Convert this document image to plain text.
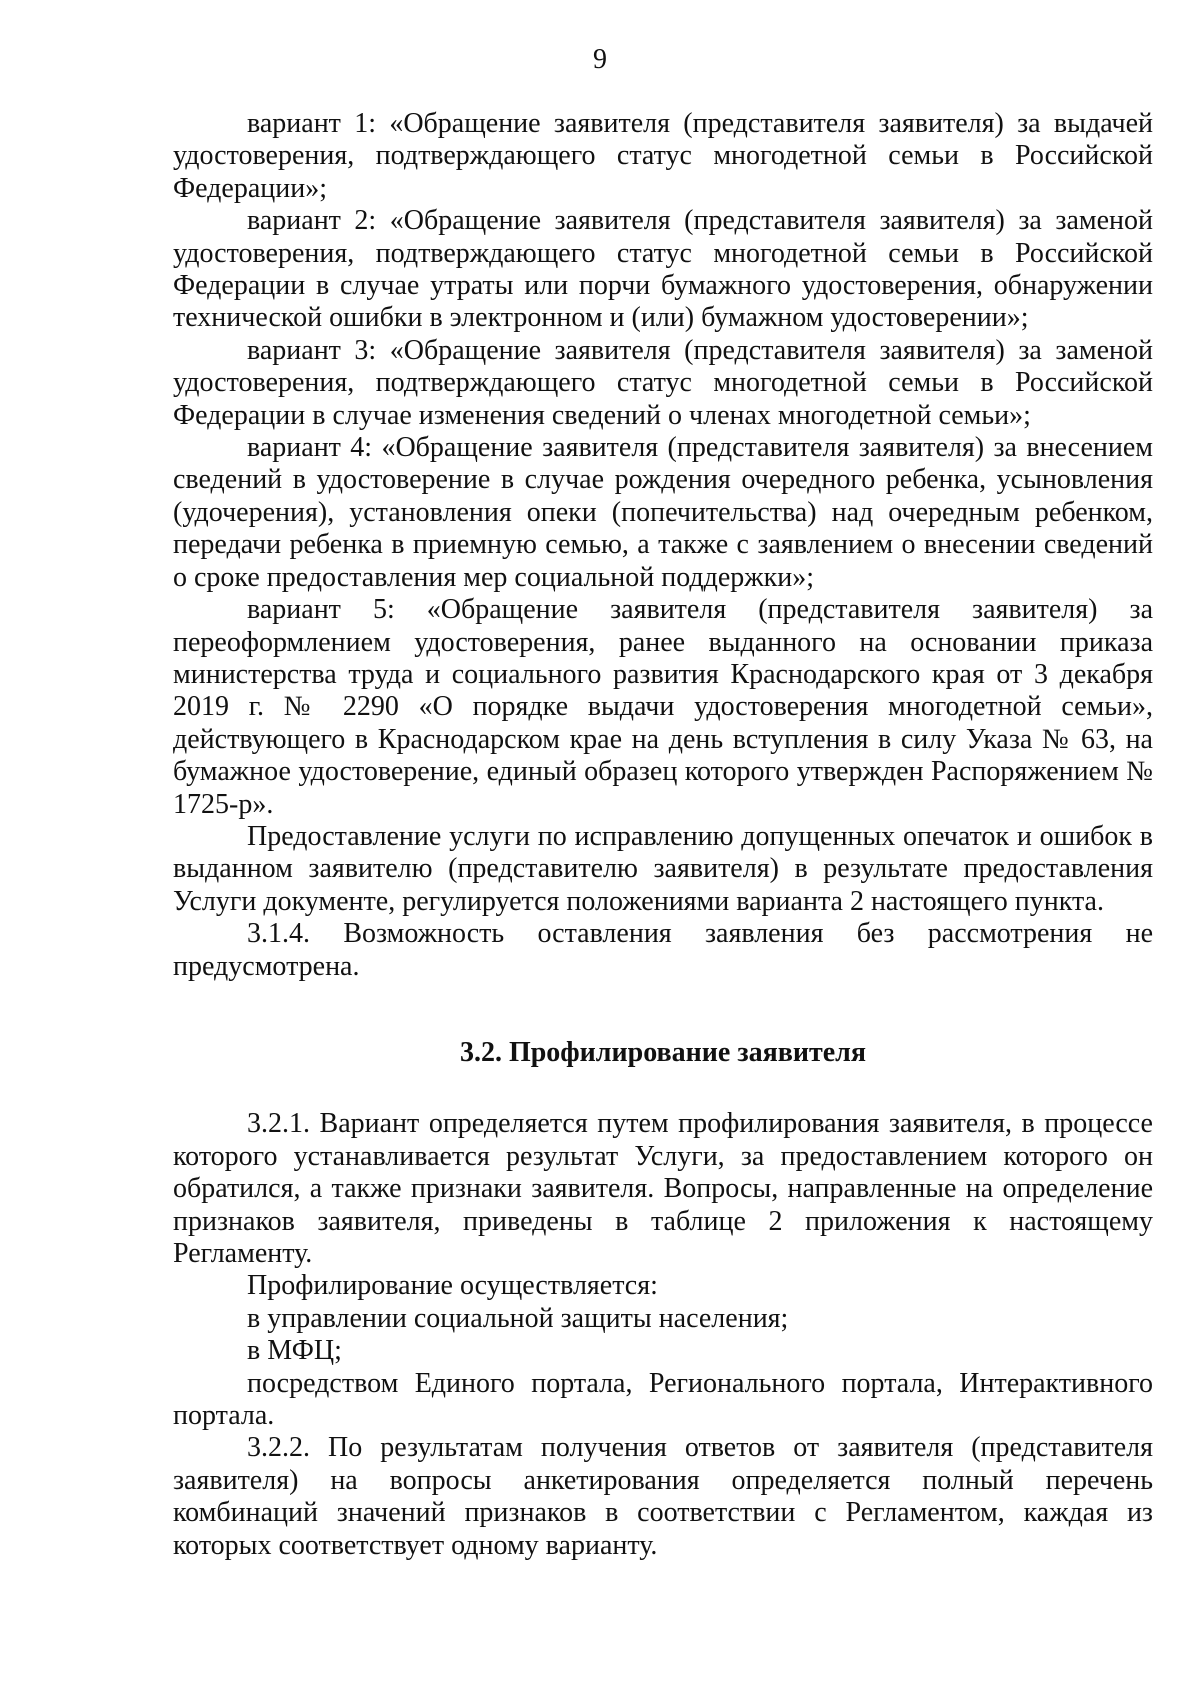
9

вариант 1: «Обращение заявителя (представителя заявителя) за выдачей удостоверения, подтверждающего статус многодетной семьи в Российской Федерации»;

вариант 2: «Обращение заявителя (представителя заявителя) за заменой удостоверения, подтверждающего статус многодетной семьи в Российской Федерации в случае утраты или порчи бумажного удостоверения, обнаружении технической ошибки в электронном и (или) бумажном удостоверении»;

вариант 3: «Обращение заявителя (представителя заявителя) за заменой удостоверения, подтверждающего статус многодетной семьи в Российской Федерации в случае изменения сведений о членах многодетной семьи»;

вариант 4: «Обращение заявителя (представителя заявителя) за внесением сведений в удостоверение в случае рождения очередного ребенка, усыновления (удочерения), установления опеки (попечительства) над очередным ребенком, передачи ребенка в приемную семью, а также с заявлением о внесении сведений о сроке предоставления мер социальной поддержки»;

вариант 5: «Обращение заявителя (представителя заявителя) за переоформлением удостоверения, ранее выданного на основании приказа министерства труда и социального развития Краснодарского края от 3 декабря 2019 г. № 2290 «О порядке выдачи удостоверения многодетной семьи», действующего в Краснодарском крае на день вступления в силу Указа № 63, на бумажное удостоверение, единый образец которого утвержден Распоряжением № 1725-р».

Предоставление услуги по исправлению допущенных опечаток и ошибок в выданном заявителю (представителю заявителя) в результате предоставления Услуги документе, регулируется положениями варианта 2 настоящего пункта.

3.1.4. Возможность оставления заявления без рассмотрения не предусмотрена.

3.2. Профилирование заявителя

3.2.1. Вариант определяется путем профилирования заявителя, в процессе которого устанавливается результат Услуги, за предоставлением которого он обратился, а также признаки заявителя. Вопросы, направленные на определение признаков заявителя, приведены в таблице 2 приложения к настоящему Регламенту.

Профилирование осуществляется:

в управлении социальной защиты населения;

в МФЦ;

посредством Единого портала, Регионального портала, Интерактивного портала.

3.2.2. По результатам получения ответов от заявителя (представителя заявителя) на вопросы анкетирования определяется полный перечень комбинаций значений признаков в соответствии с Регламентом, каждая из которых соответствует одному варианту.
